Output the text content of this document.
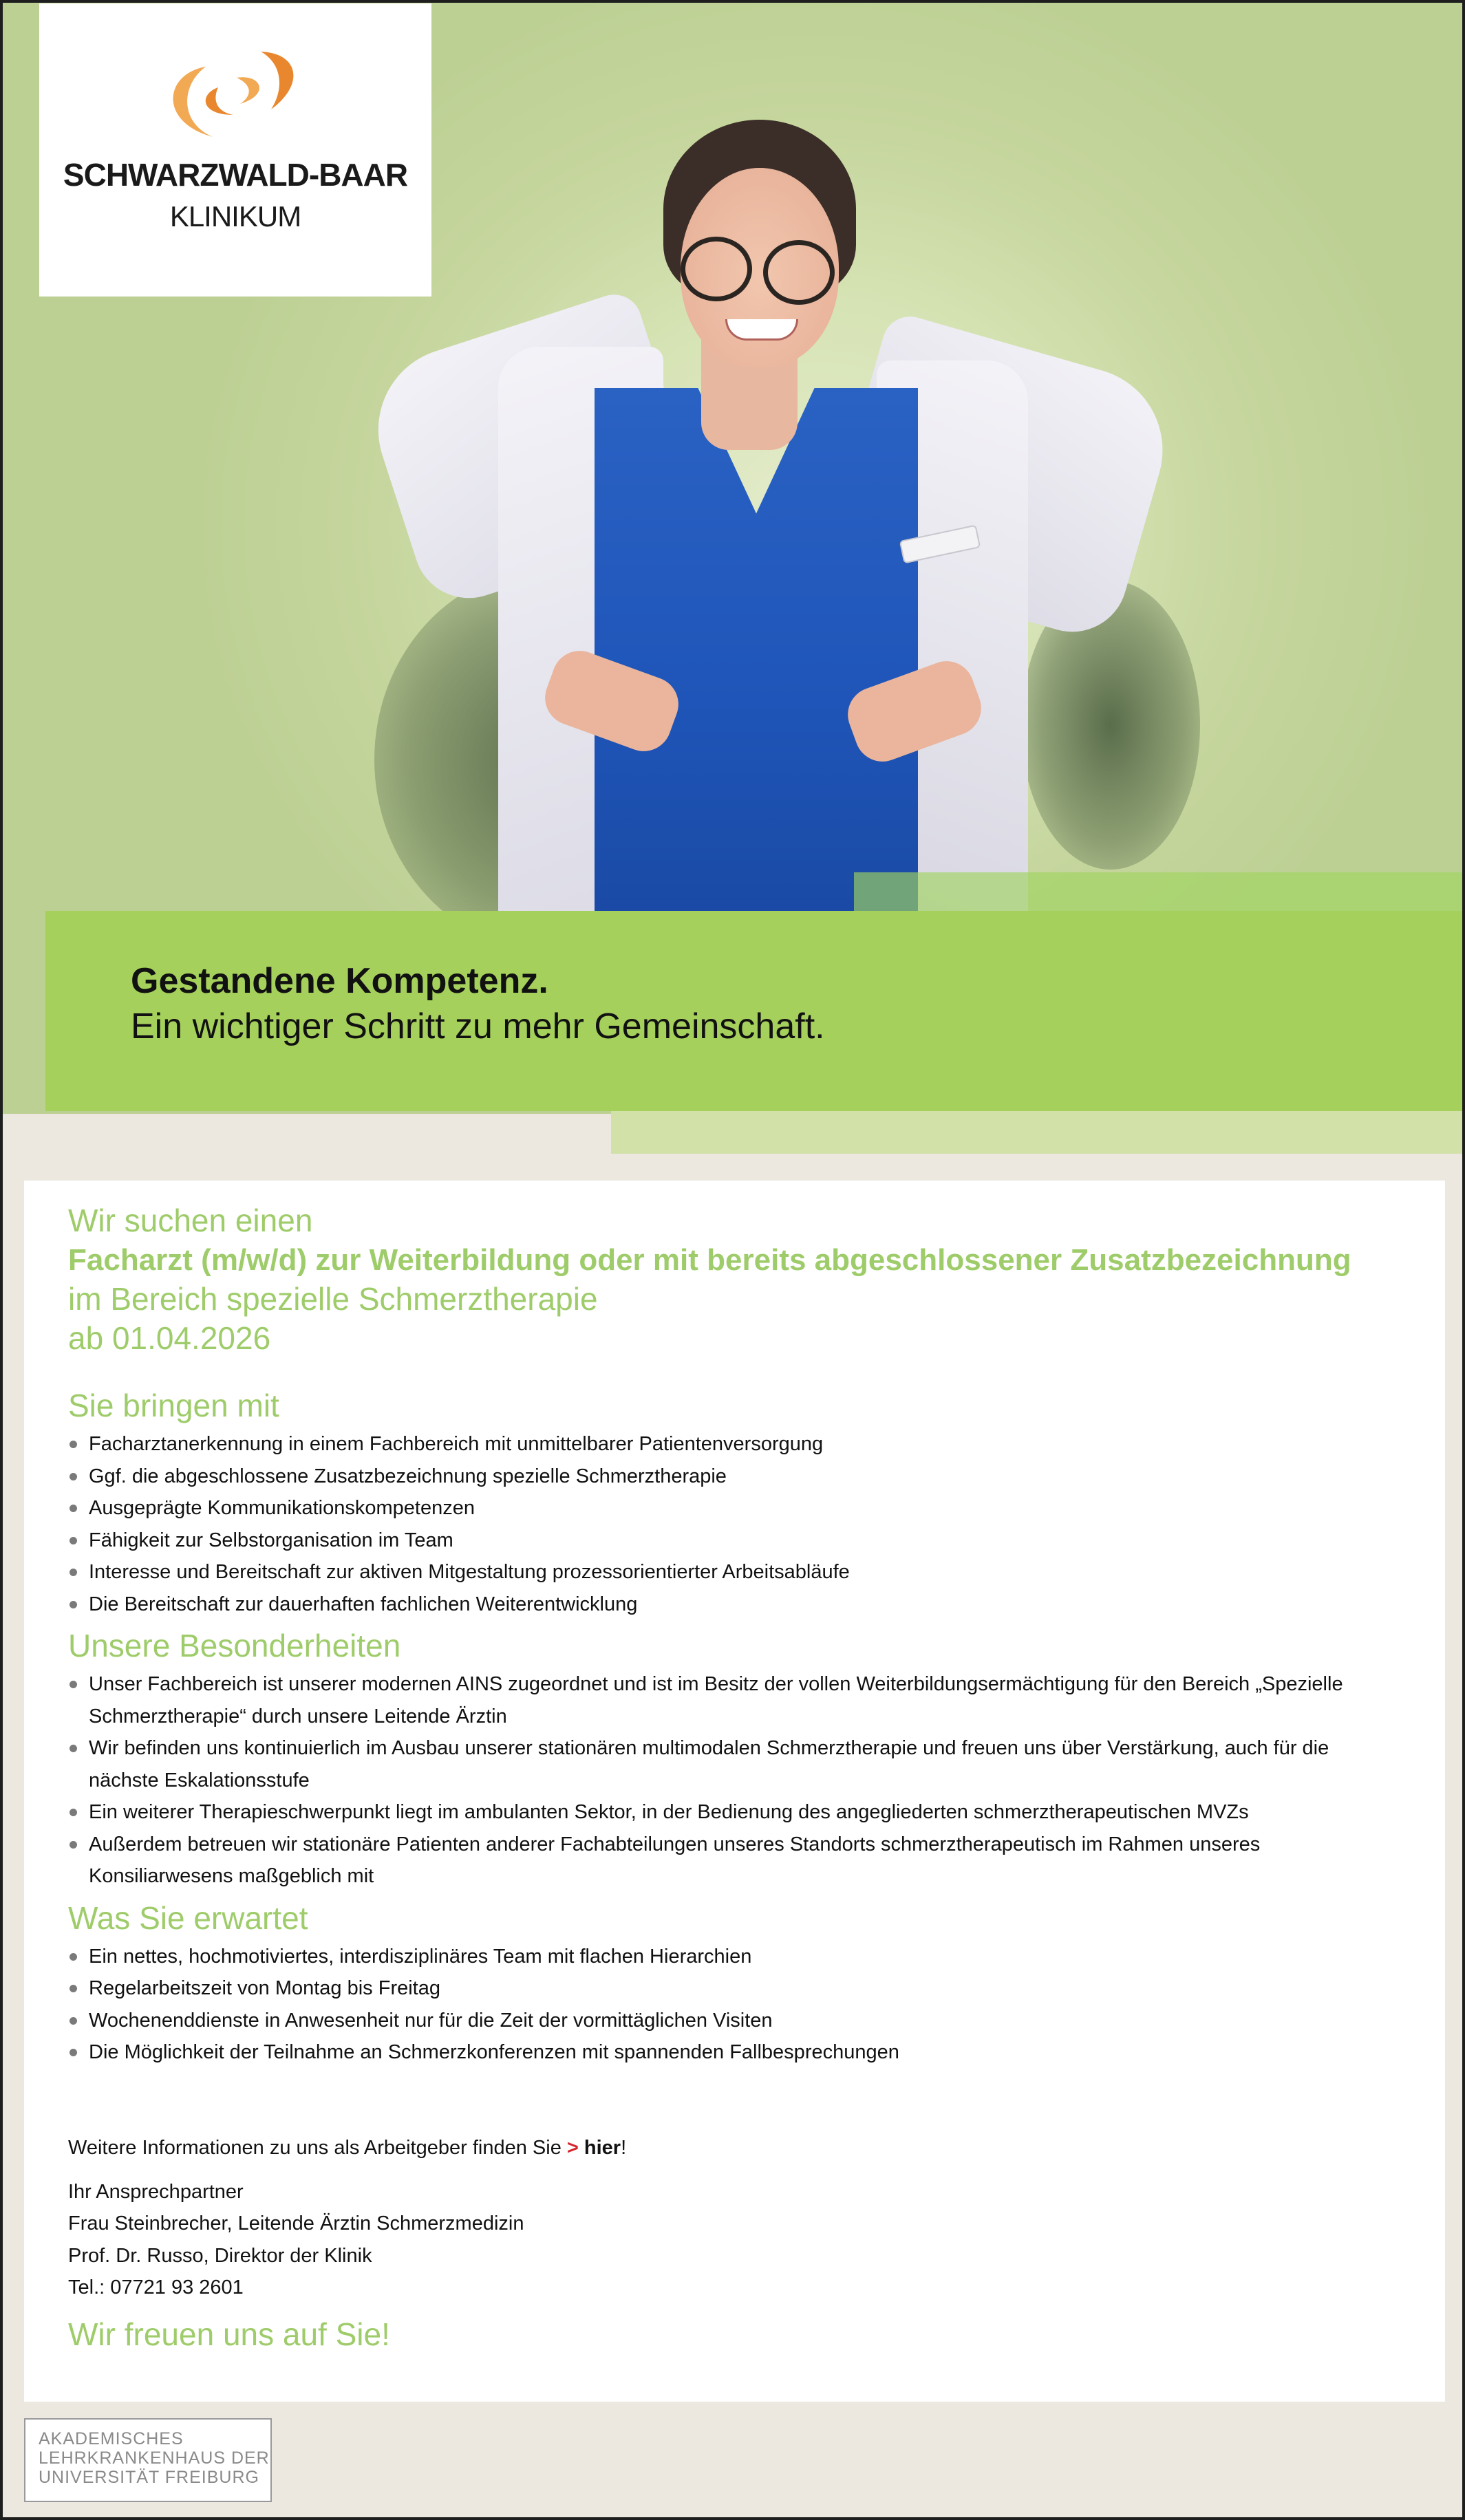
SCHWARZWALD-BAAR
KLINIKUM
Gestandene Kompetenz.
Ein wichtiger Schritt zu mehr Gemeinschaft.
Wir suchen einen
Facharzt (m/w/d) zur Weiterbildung oder mit bereits abgeschlossener Zusatzbezeichnung
im Bereich spezielle Schmerztherapie
ab 01.04.2026
Sie bringen mit
Facharztanerkennung in einem Fachbereich mit unmittelbarer Patientenversorgung
Ggf. die abgeschlossene Zusatzbezeichnung spezielle Schmerztherapie
Ausgeprägte Kommunikationskompetenzen
Fähigkeit zur Selbstorganisation im Team
Interesse und Bereitschaft zur aktiven Mitgestaltung prozessorientierter Arbeitsabläufe
Die Bereitschaft zur dauerhaften fachlichen Weiterentwicklung
Unsere Besonderheiten
Unser Fachbereich ist unserer modernen AINS zugeordnet und ist im Besitz der vollen Weiterbildungsermächtigung für den Bereich „Spezielle Schmerztherapie“ durch unsere Leitende Ärztin
Wir befinden uns kontinuierlich im Ausbau unserer stationären multimodalen Schmerztherapie und freuen uns über Verstärkung, auch für die nächste Eskalationsstufe
Ein weiterer Therapieschwerpunkt liegt im ambulanten Sektor, in der Bedienung des angegliederten schmerztherapeutischen MVZs
Außerdem betreuen wir stationäre Patienten anderer Fachabteilungen unseres Standorts schmerztherapeutisch im Rahmen unseres Konsiliarwesens maßgeblich mit
Was Sie erwartet
Ein nettes, hochmotiviertes, interdisziplinäres Team mit flachen Hierarchien
Regelarbeitszeit von Montag bis Freitag
Wochenenddienste in Anwesenheit nur für die Zeit der vormittäglichen Visiten
Die Möglichkeit der Teilnahme an Schmerzkonferenzen mit spannenden Fallbesprechungen
Weitere Informationen zu uns als Arbeitgeber finden Sie > hier!
Ihr Ansprechpartner
Frau Steinbrecher, Leitende Ärztin Schmerzmedizin
Prof. Dr. Russo, Direktor der Klinik
Tel.: 07721 93 2601
Wir freuen uns auf Sie!
AKADEMISCHES
LEHRKRANKENHAUS DER
UNIVERSITÄT FREIBURG
